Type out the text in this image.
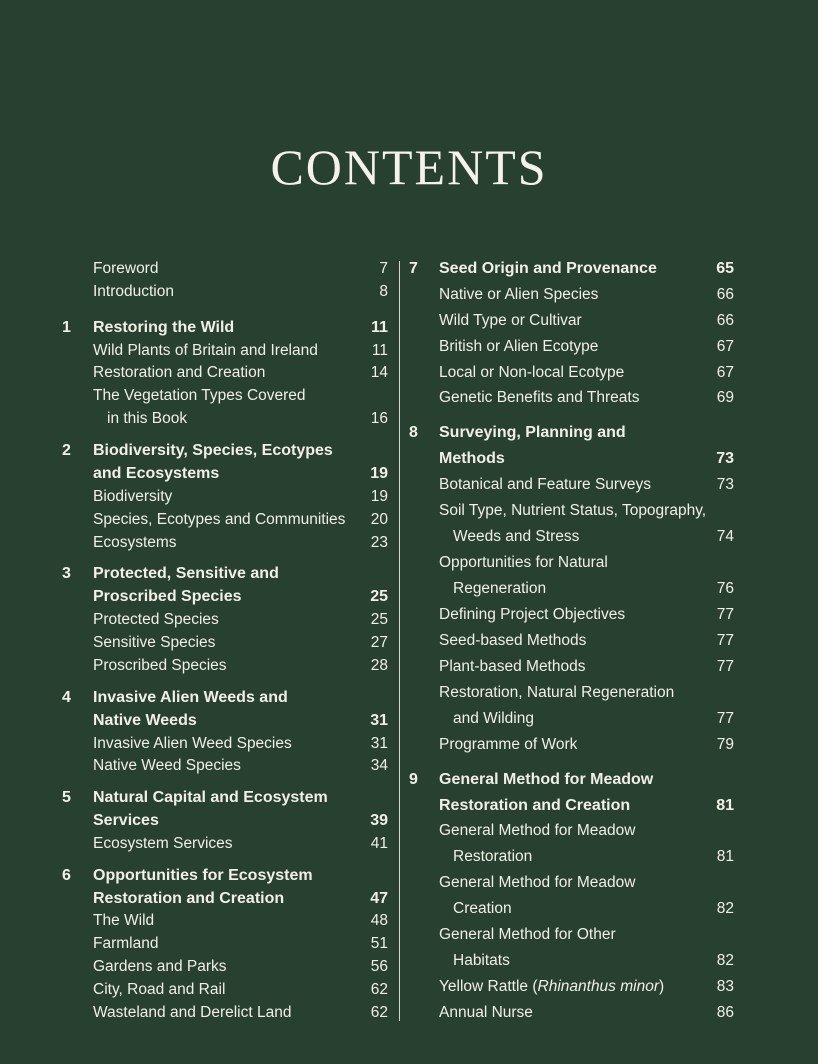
CONTENTS
Foreword	7
Introduction	8
1 Restoring the Wild	11
Wild Plants of Britain and Ireland	11
Restoration and Creation	14
The Vegetation Types Covered
in this Book	16
2 Biodiversity, Species, Ecotypes
and Ecosystems	19
Biodiversity	19
Species, Ecotypes and Communities	20
Ecosystems	23
3 Protected, Sensitive and
Proscribed Species	25
Protected Species	25
Sensitive Species	27
Proscribed Species	28
4 Invasive Alien Weeds and
Native Weeds	31
Invasive Alien Weed Species	31
Native Weed Species	34
5 Natural Capital and Ecosystem
Services	39
Ecosystem Services	41
6 Opportunities for Ecosystem
Restoration and Creation	47
The Wild	48
Farmland	51
Gardens and Parks	56
City, Road and Rail	62
Wasteland and Derelict Land	62
7 Seed Origin and Provenance	65
Native or Alien Species	66
Wild Type or Cultivar	66
British or Alien Ecotype	67
Local or Non-local Ecotype	67
Genetic Benefits and Threats	69
8 Surveying, Planning and
Methods	73
Botanical and Feature Surveys	73
Soil Type, Nutrient Status, Topography,
Weeds and Stress	74
Opportunities for Natural
Regeneration	76
Defining Project Objectives	77
Seed-based Methods	77
Plant-based Methods	77
Restoration, Natural Regeneration
and Wilding	77
Programme of Work	79
9 General Method for Meadow
Restoration and Creation	81
General Method for Meadow
Restoration	81
General Method for Meadow
Creation	82
General Method for Other
Habitats	82
Yellow Rattle (Rhinanthus minor)	83
Annual Nurse	86
